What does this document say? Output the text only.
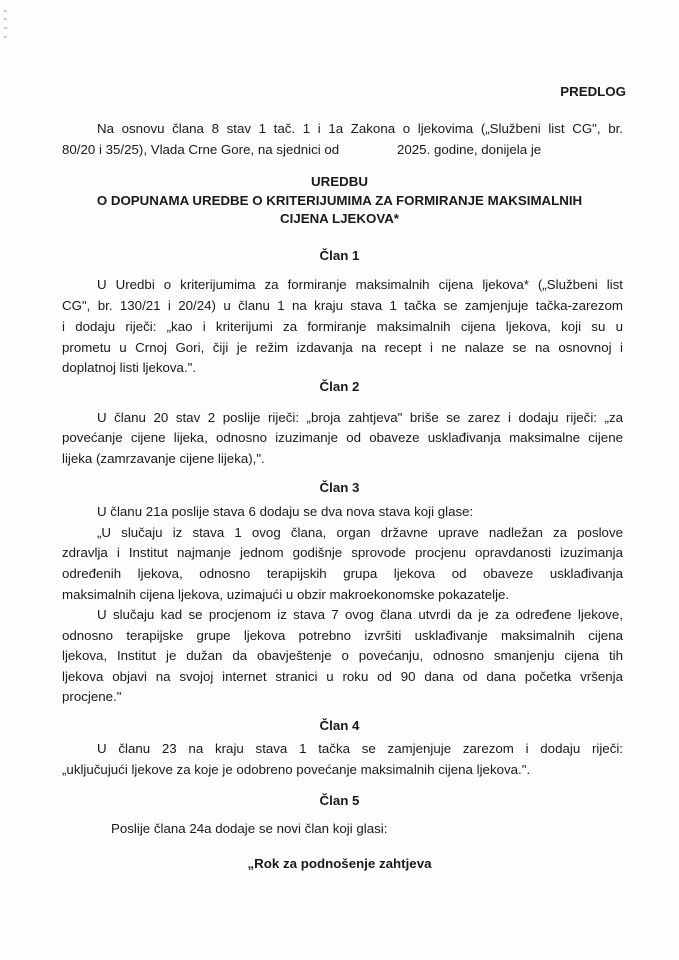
PREDLOG
Na osnovu člana 8 stav 1 tač. 1 i 1a Zakona o ljekovima („Službeni list CG", br.
80/20 i 35/25), Vlada Crne Gore, na sjednici od	2025. godine, donijela je
UREDBU
O DOPUNAMA UREDBE O KRITERIJUMIMA ZA FORMIRANJE MAKSIMALNIH
CIJENA LJEKOVA*
Član 1
U Uredbi o kriterijumima za formiranje maksimalnih cijena ljekova* („Službeni list
CG", br. 130/21 i 20/24) u članu 1 na kraju stava 1 tačka se zamjenjuje tačka-zarezom
i dodaju riječi: „kao i kriterijumi za formiranje maksimalnih cijena ljekova, koji su u
prometu u Crnoj Gori, čiji je režim izdavanja na recept i ne nalaze se na osnovnoj i
doplatnoj listi ljekova.".
Član 2
U članu 20 stav 2 poslije riječi: „broja zahtjeva" briše se zarez i dodaju riječi: „za
povećanje cijene lijeka, odnosno izuzimanje od obaveze usklađivanja maksimalne cijene
lijeka (zamrzavanje cijene lijeka),".
Član 3
U članu 21a poslije stava 6 dodaju se dva nova stava koji glase:
„U slučaju iz stava 1 ovog člana, organ državne uprave nadležan za poslove
zdravlja i Institut najmanje jednom godišnje sprovode procjenu opravdanosti izuzimanja
određenih ljekova, odnosno terapijskih grupa ljekova od obaveze usklađivanja
maksimalnih cijena ljekova, uzimajući u obzir makroekonomske pokazatelje.
U slučaju kad se procjenom iz stava 7 ovog člana utvrdi da je za određene ljekove,
odnosno terapijske grupe ljekova potrebno izvršiti usklađivanje maksimalnih cijena
ljekova, Institut je dužan da obavještenje o povećanju, odnosno smanjenju cijena tih
ljekova objavi na svojoj internet stranici u roku od 90 dana od dana početka vršenja
procjene."
Član 4
U članu 23 na kraju stava 1 tačka se zamjenjuje zarezom i dodaju riječi:
„uključujući ljekove za koje je odobreno povećanje maksimalnih cijena ljekova.".
Član 5
Poslije člana 24a dodaje se novi član koji glasi:
„Rok za podnošenje zahtjeva
